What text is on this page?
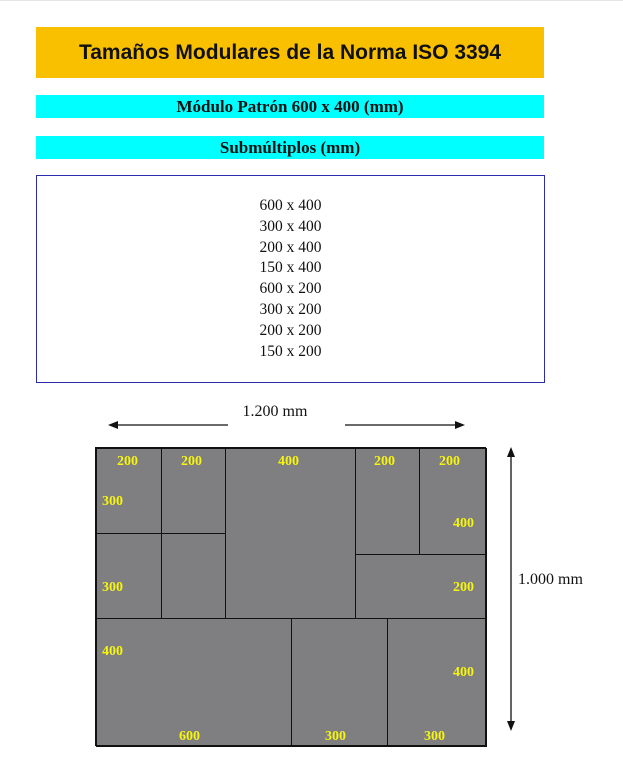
Tamaños Modulares de la Norma ISO 3394
Módulo Patrón 600 x 400 (mm)
Submúltiplos (mm)
600 x 400
300 x 400
200 x 400
150 x 400
600 x 200
300 x 200
200 x 200
150 x 200
1.200 mm
1.000 mm
200	200	400	200	200
300
400
300	200
400
400
600	300	300
